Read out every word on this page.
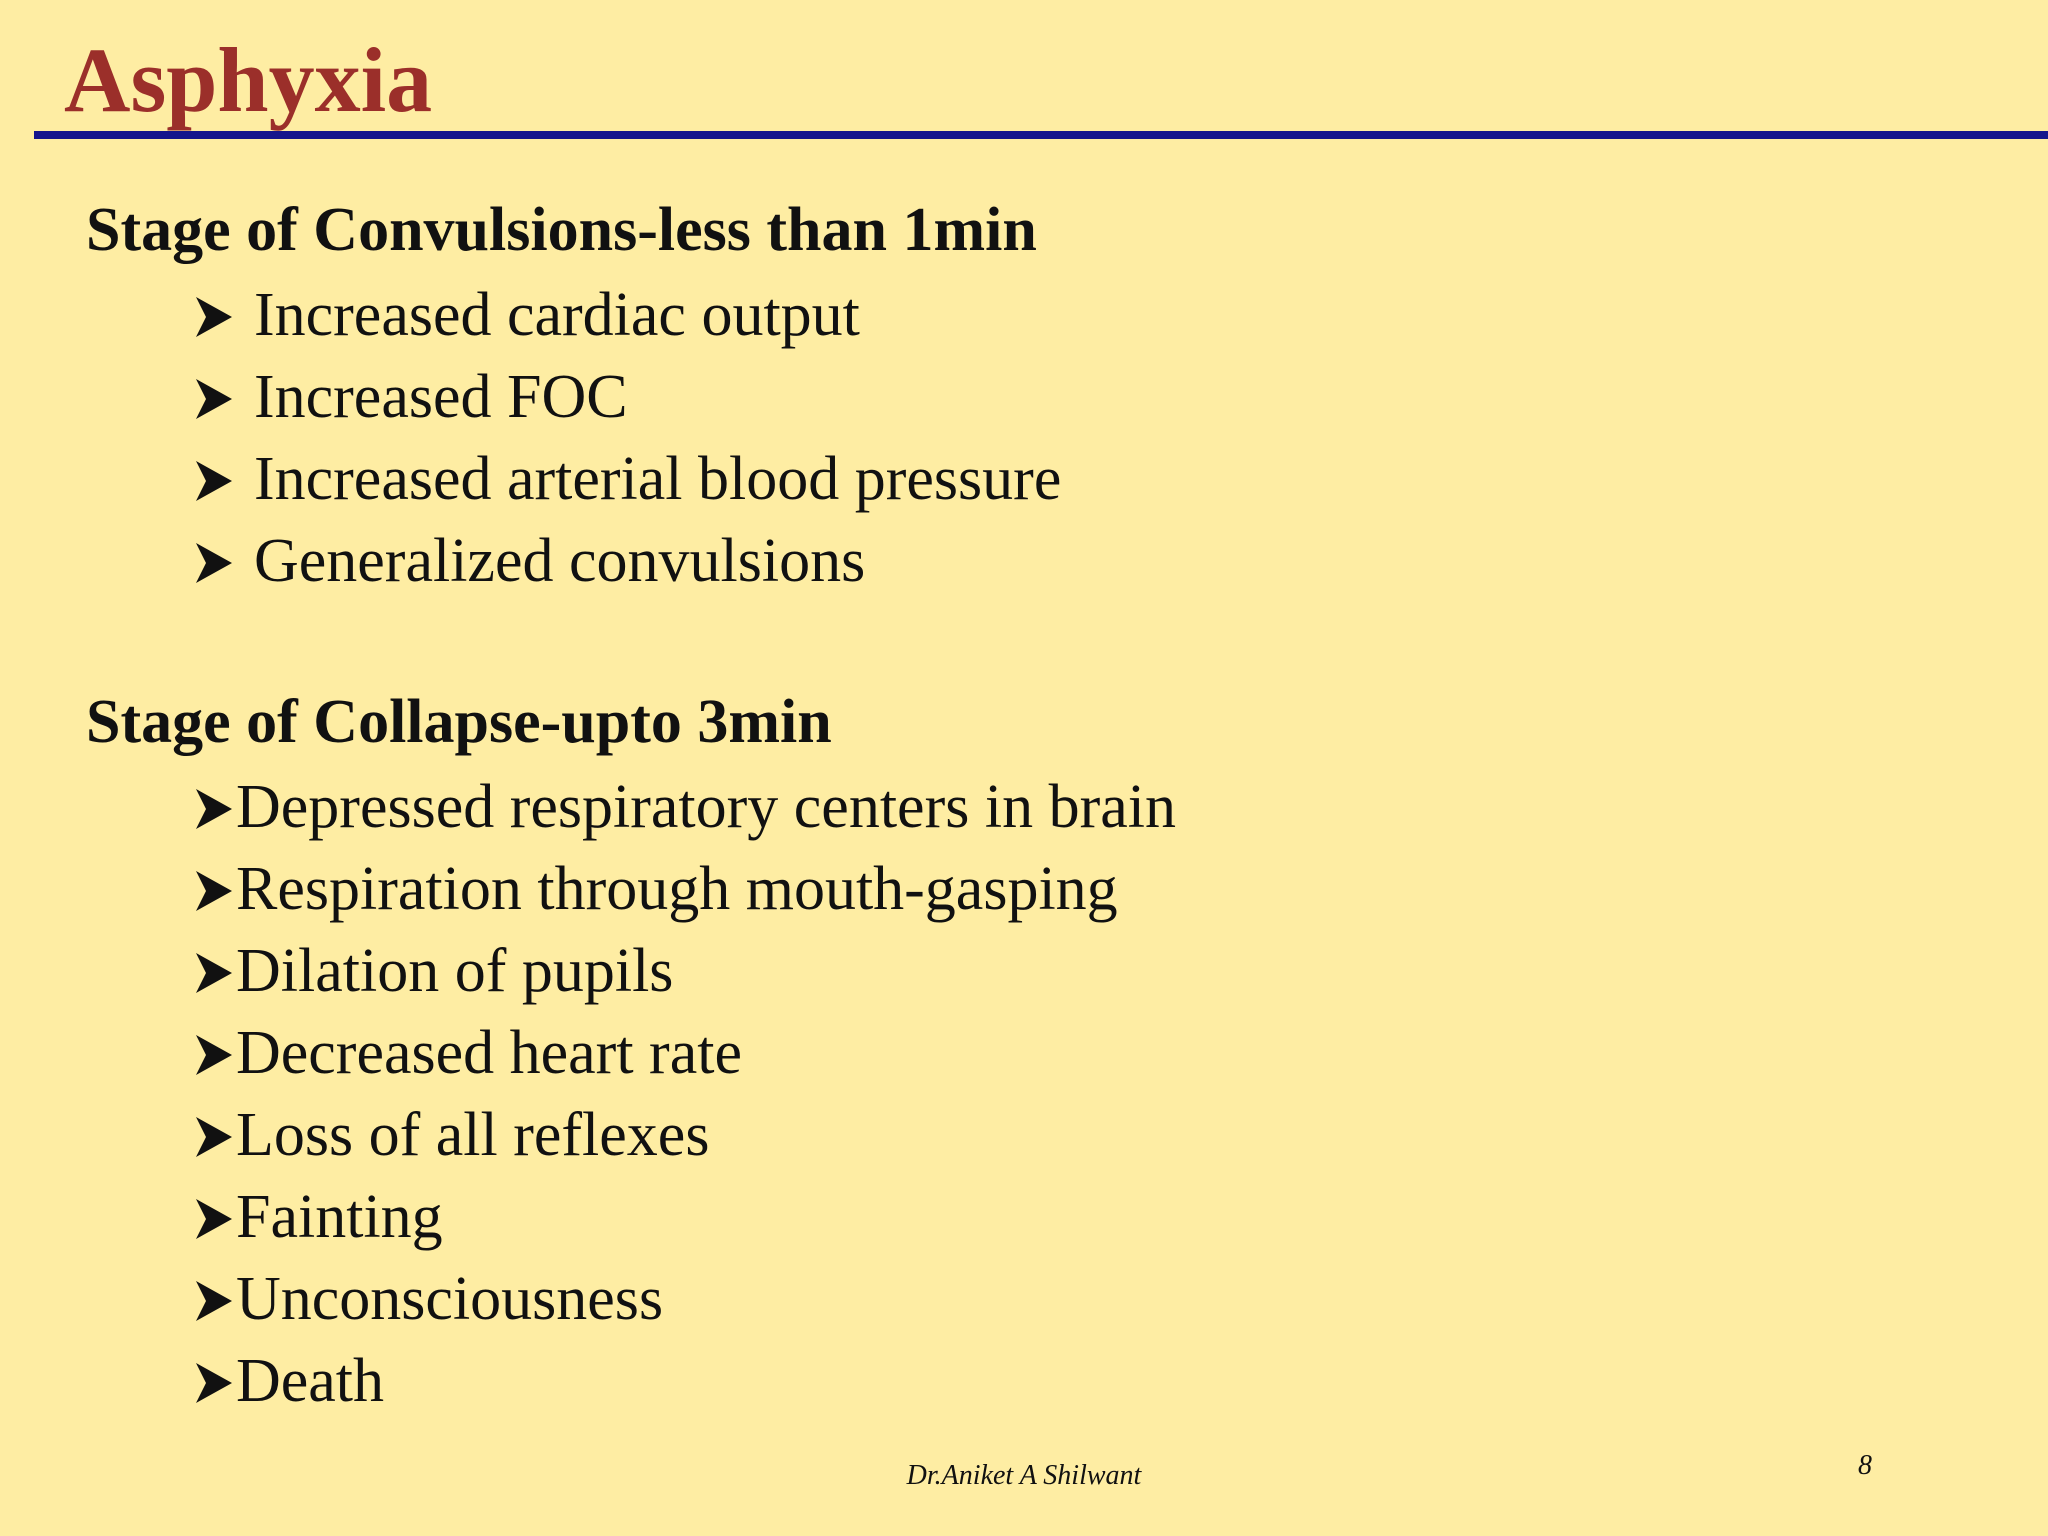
Asphyxia
Stage of Convulsions-less than 1min
Increased cardiac output
Increased FOC
Increased arterial blood pressure
Generalized convulsions
Stage of Collapse-upto 3min
Depressed respiratory centers in brain
Respiration through mouth-gasping
Dilation of pupils
Decreased heart rate
Loss of all reflexes
Fainting
Unconsciousness
Death
Dr.Aniket A Shilwant	8
